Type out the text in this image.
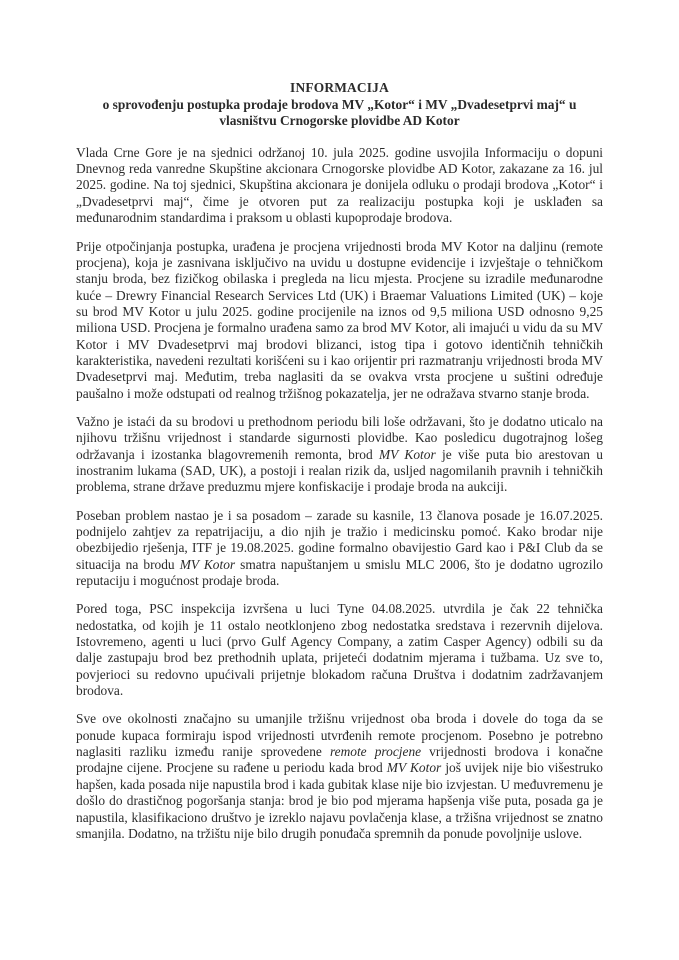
INFORMACIJA
o sprovođenju postupka prodaje brodova MV „Kotor“ i MV „Dvadesetprvi maj“ u
vlasništvu Crnogorske plovidbe AD Kotor

Vlada Crne Gore je na sjednici održanoj 10. jula 2025. godine usvojila Informaciju o dopuni Dnevnog reda vanredne Skupštine akcionara Crnogorske plovidbe AD Kotor, zakazane za 16. jul 2025. godine. Na toj sjednici, Skupština akcionara je donijela odluku o prodaji brodova „Kotor“ i „Dvadesetprvi maj“, čime je otvoren put za realizaciju postupka koji je usklađen sa međunarodnim standardima i praksom u oblasti kupoprodaje brodova.

Prije otpočinjanja postupka, urađena je procjena vrijednosti broda MV Kotor na daljinu (remote procjena), koja je zasnivana isključivo na uvidu u dostupne evidencije i izvještaje o tehničkom stanju broda, bez fizičkog obilaska i pregleda na licu mjesta. Procjene su izradile međunarodne kuće – Drewry Financial Research Services Ltd (UK) i Braemar Valuations Limited (UK) – koje su brod MV Kotor u julu 2025. godine procijenile na iznos od 9,5 miliona USD odnosno 9,25 miliona USD. Procjena je formalno urađena samo za brod MV Kotor, ali imajući u vidu da su MV Kotor i MV Dvadesetprvi maj brodovi blizanci, istog tipa i gotovo identičnih tehničkih karakteristika, navedeni rezultati korišćeni su i kao orijentir pri razmatranju vrijednosti broda MV Dvadesetprvi maj. Međutim, treba naglasiti da se ovakva vrsta procjene u suštini određuje paušalno i može odstupati od realnog tržišnog pokazatelja, jer ne odražava stvarno stanje broda.

Važno je istaći da su brodovi u prethodnom periodu bili loše održavani, što je dodatno uticalo na njihovu tržišnu vrijednost i standarde sigurnosti plovidbe. Kao posledicu dugotrajnog lošeg održavanja i izostanka blagovremenih remonta, brod MV Kotor je više puta bio arestovan u inostranim lukama (SAD, UK), a postoji i realan rizik da, usljed nagomilanih pravnih i tehničkih problema, strane države preduzmu mjere konfiskacije i prodaje broda na aukciji.

Poseban problem nastao je i sa posadom – zarade su kasnile, 13 članova posade je 16.07.2025. podnijelo zahtjev za repatrijaciju, a dio njih je tražio i medicinsku pomoć. Kako brodar nije obezbijedio rješenja, ITF je 19.08.2025. godine formalno obavijestio Gard kao i P&I Club da se situacija na brodu MV Kotor smatra napuštanjem u smislu MLC 2006, što je dodatno ugrozilo reputaciju i mogućnost prodaje broda.

Pored toga, PSC inspekcija izvršena u luci Tyne 04.08.2025. utvrdila je čak 22 tehnička nedostatka, od kojih je 11 ostalo neotklonjeno zbog nedostatka sredstava i rezervnih dijelova. Istovremeno, agenti u luci (prvo Gulf Agency Company, a zatim Casper Agency) odbili su da dalje zastupaju brod bez prethodnih uplata, prijeteći dodatnim mjerama i tužbama. Uz sve to, povjerioci su redovno upućivali prijetnje blokadom računa Društva i dodatnim zadržavanjem brodova.

Sve ove okolnosti značajno su umanjile tržišnu vrijednost oba broda i dovele do toga da se ponude kupaca formiraju ispod vrijednosti utvrđenih remote procjenom. Posebno je potrebno naglasiti razliku između ranije sprovedene remote procjene vrijednosti brodova i konačne prodajne cijene. Procjene su rađene u periodu kada brod MV Kotor još uvijek nije bio višestruko hapšen, kada posada nije napustila brod i kada gubitak klase nije bio izvjestan. U međuvremenu je došlo do drastičnog pogoršanja stanja: brod je bio pod mjerama hapšenja više puta, posada ga je napustila, klasifikaciono društvo je izreklo najavu povlačenja klase, a tržišna vrijednost se znatno smanjila. Dodatno, na tržištu nije bilo drugih ponuđača spremnih da ponude povoljnije uslove.
